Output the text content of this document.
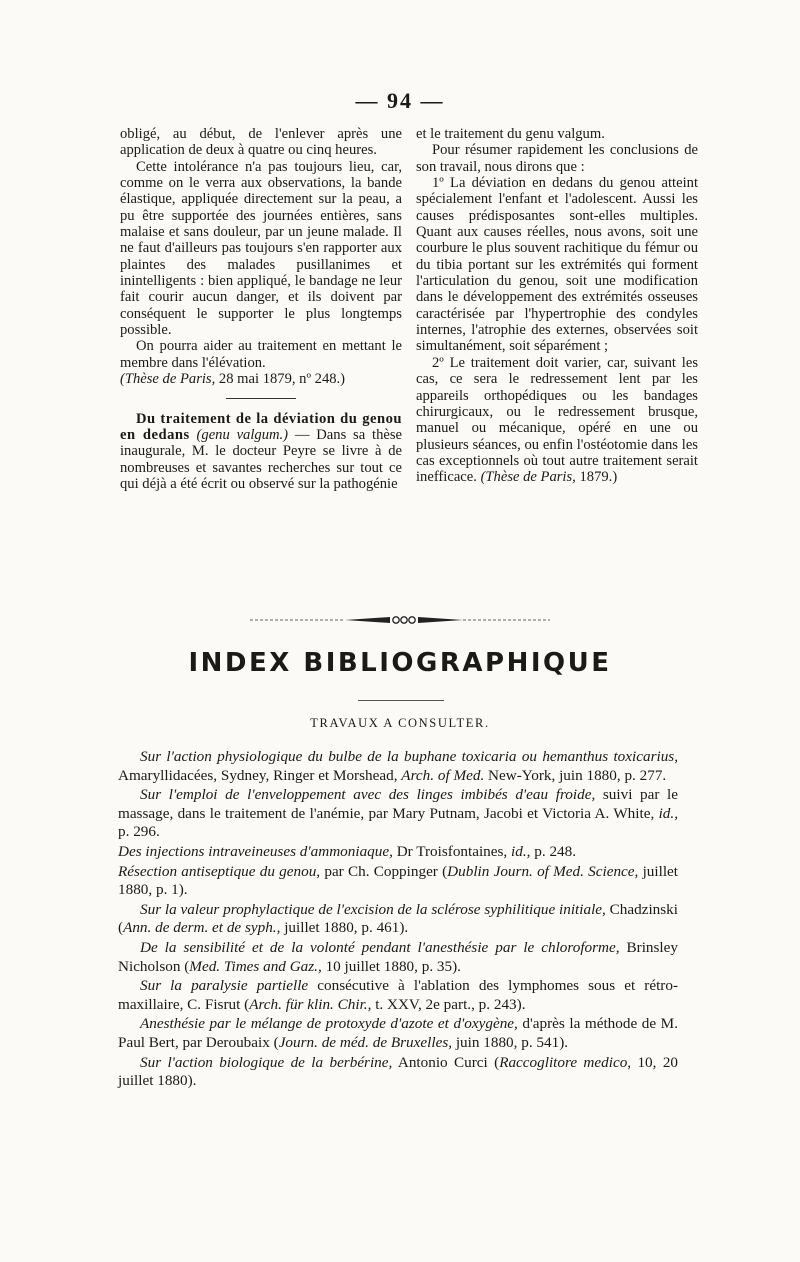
— 94 —

obligé, au début, de l'enlever après une application de deux à quatre ou cinq heures.

Cette intolérance n'a pas toujours lieu, car, comme on le verra aux observations, la bande élastique, appliquée directement sur la peau, a pu être supportée des journées entières, sans malaise et sans douleur, par un jeune malade. Il ne faut d'ailleurs pas toujours s'en rapporter aux plaintes des malades pusillanimes et inintelligents : bien appliqué, le bandage ne leur fait courir aucun danger, et ils doivent par conséquent le supporter le plus longtemps possible.

On pourra aider au traitement en mettant le membre dans l'élévation.

(Thèse de Paris, 28 mai 1879, nº 248.)

Du traitement de la déviation du genou en dedans (genu valgum.) — Dans sa thèse inaugurale, M. le docteur Peyre se livre à de nombreuses et savantes recherches sur tout ce qui déjà a été écrit ou observé sur la pathogénie

et le traitement du genu valgum.

Pour résumer rapidement les conclusions de son travail, nous dirons que :

1º La déviation en dedans du genou atteint spécialement l'enfant et l'adolescent. Aussi les causes prédisposantes sont-elles multiples. Quant aux causes réelles, nous avons, soit une courbure le plus souvent rachitique du fémur ou du tibia portant sur les extrémités qui forment l'articulation du genou, soit une modification dans le développement des extrémités osseuses caractérisée par l'hypertrophie des condyles internes, l'atrophie des externes, observées soit simultanément, soit séparément ;

2º Le traitement doit varier, car, suivant les cas, ce sera le redressement lent par les appareils orthopédiques ou les bandages chirurgicaux, ou le redressement brusque, manuel ou mécanique, opéré en une ou plusieurs séances, ou enfin l'ostéotomie dans les cas exceptionnels où tout autre traitement serait inefficace. (Thèse de Paris, 1879.)

INDEX BIBLIOGRAPHIQUE
TRAVAUX A CONSULTER.

Sur l'action physiologique du bulbe de la buphane toxicaria ou hemanthus toxicarius, Amaryllidacées, Sydney, Ringer et Morshead, Arch. of Med. New-York, juin 1880, p. 277.

Sur l'emploi de l'enveloppement avec des linges imbibés d'eau froide, suivi par le massage, dans le traitement de l'anémie, par Mary Putnam, Jacobi et Victoria A. White, id., p. 296.

Des injections intraveineuses d'ammoniaque, Dr Troisfontaines, id., p. 248.

Résection antiseptique du genou, par Ch. Coppinger (Dublin Journ. of Med. Science, juillet 1880, p. 1).

Sur la valeur prophylactique de l'excision de la sclérose syphilitique initiale, Chadzinski (Ann. de derm. et de syph., juillet 1880, p. 461).

De la sensibilité et de la volonté pendant l'anesthésie par le chloroforme, Brinsley Nicholson (Med. Times and Gaz., 10 juillet 1880, p. 35).

Sur la paralysie partielle consécutive à l'ablation des lymphomes sous et rétro-maxillaire, C. Fisrut (Arch. für klin. Chir., t. XXV, 2e part., p. 243).

Anesthésie par le mélange de protoxyde d'azote et d'oxygène, d'après la méthode de M. Paul Bert, par Deroubaix (Journ. de méd. de Bruxelles, juin 1880, p. 541).

Sur l'action biologique de la berbérine, Antonio Curci (Raccoglitore medico, 10, 20 juillet 1880).
